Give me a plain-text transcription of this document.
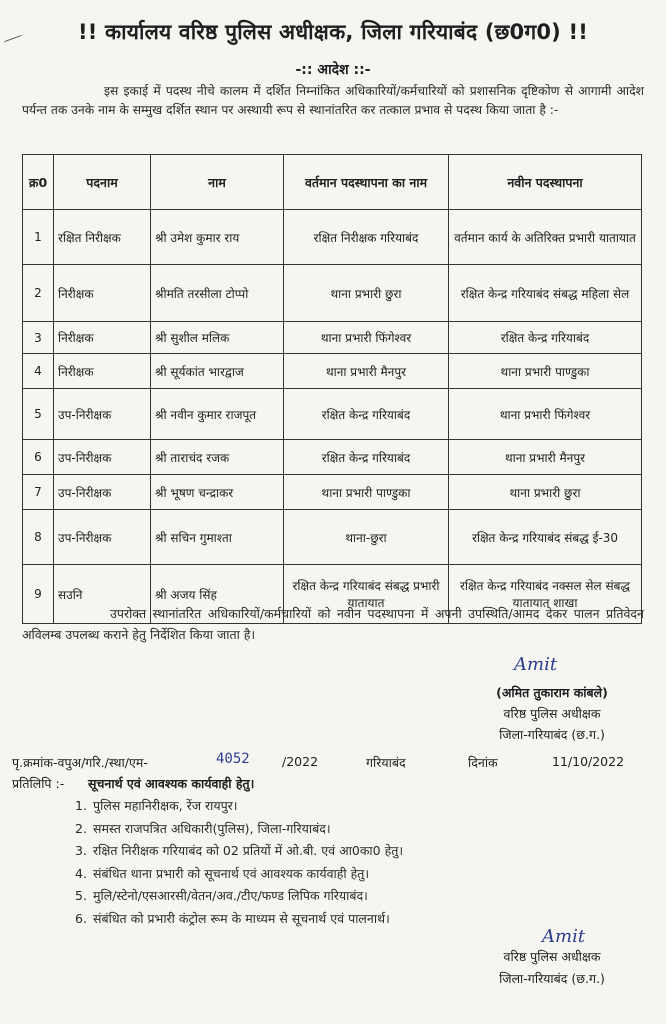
!! कार्यालय वरिष्ठ पुलिस अधीक्षक, जिला गरियाबंद (छ0ग0) !!
-:: आदेश ::-
इस इकाई में पदस्थ नीचे कालम में दर्शित निम्नांकित अधिकारियों/कर्मचारियों को प्रशासनिक दृष्टिकोण से आगामी आदेश पर्यन्त तक उनके नाम के सम्मुख दर्शित स्थान पर अस्थायी रूप से स्थानांतरित कर तत्काल प्रभाव से पदस्थ किया जाता है :-
क्र0	पदनाम	नाम	वर्तमान पदस्थापना का नाम	नवीन पदस्थापना
1	रक्षित निरीक्षक	श्री उमेश कुमार राय	रक्षित निरीक्षक गरियाबंद	वर्तमान कार्य के अतिरिक्त प्रभारी यातायात
2	निरीक्षक	श्रीमति तरसीला टोप्पो	थाना प्रभारी छुरा	रक्षित केन्द्र गरियाबंद संबद्ध महिला सेल
3	निरीक्षक	श्री सुशील मलिक	थाना प्रभारी फिंगेश्वर	रक्षित केन्द्र गरियाबंद
4	निरीक्षक	श्री सूर्यकांत भारद्वाज	थाना प्रभारी मैनपुर	थाना प्रभारी पाण्डुका
5	उप-निरीक्षक	श्री नवीन कुमार राजपूत	रक्षित केन्द्र गरियाबंद	थाना प्रभारी फिंगेश्वर
6	उप-निरीक्षक	श्री ताराचंद रजक	रक्षित केन्द्र गरियाबंद	थाना प्रभारी मैनपुर
7	उप-निरीक्षक	श्री भूषण चन्द्राकर	थाना प्रभारी पाण्डुका	थाना प्रभारी छुरा
8	उप-निरीक्षक	श्री सचिन गुमाश्ता	थाना-छुरा	रक्षित केन्द्र गरियाबंद संबद्ध ई-30
9	सउनि	श्री अजय सिंह	रक्षित केन्द्र गरियाबंद संबद्ध प्रभारी यातायात	रक्षित केन्द्र गरियाबंद नक्सल सेल संबद्ध यातायात शाखा
उपरोक्त स्थानांतरित अधिकारियों/कर्मचारियों को नवीन पदस्थापना में अपनी उपस्थिति/आमद देकर पालन प्रतिवेदन अविलम्ब उपलब्ध कराने हेतु निर्देशित किया जाता है।
Amit
(अमित तुकाराम कांबले)
वरिष्ठ पुलिस अधीक्षक
जिला-गरियाबंद (छ.ग.)
पृ.क्रमांक-वपुअ/गरि./स्था/एम-	4052	/2022	गरियाबंद	दिनांक	11/10/2022
प्रतिलिपि :- सूचनार्थ एवं आवश्यक कार्यवाही हेतु।
1. पुलिस महानिरीक्षक, रेंज रायपुर।
2. समस्त राजपत्रित अधिकारी(पुलिस), जिला-गरियाबंद।
3. रक्षित निरीक्षक गरियाबंद को 02 प्रतियों में ओ.बी. एवं आ0का0 हेतु।
4. संबंधित थाना प्रभारी को सूचनार्थ एवं आवश्यक कार्यवाही हेतु।
5. मुलि/स्टेनो/एसआरसी/वेतन/अव./टीए/फण्ड लिपिक गरियाबंद।
6. संबंधित को प्रभारी कंट्रोल रूम के माध्यम से सूचनार्थ एवं पालनार्थ।
Amit
वरिष्ठ पुलिस अधीक्षक
जिला-गरियाबंद (छ.ग.)
